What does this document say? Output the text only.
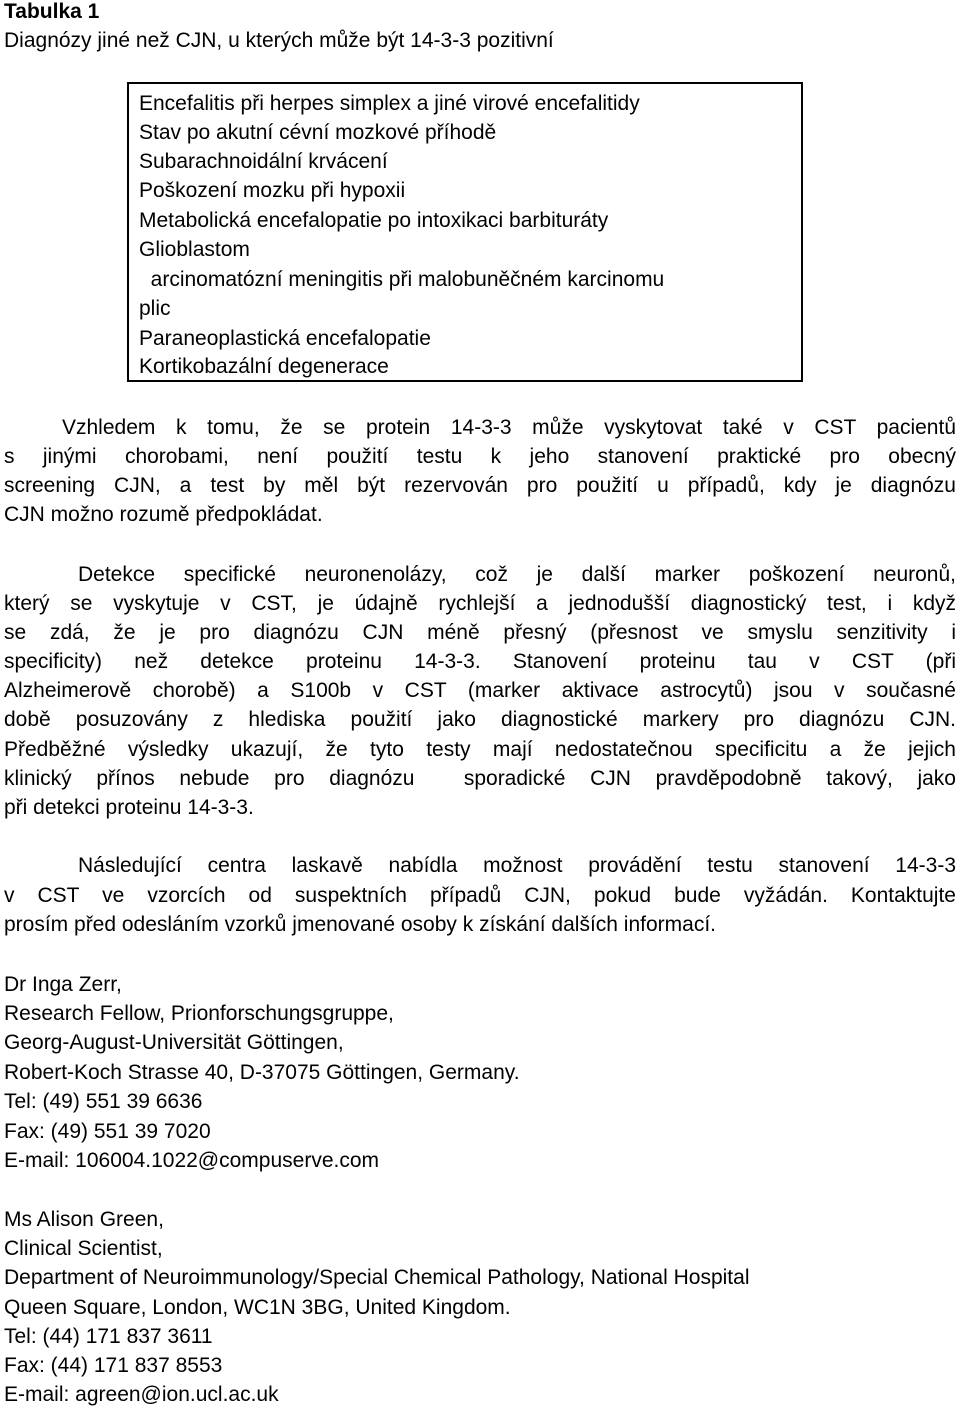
Tabulka 1
Diagnózy jiné než CJN, u kterých může být 14-3-3 pozitivní
Encefalitis při herpes simplex a jiné virové encefalitidy
Stav po akutní cévní mozkové příhodě
Subarachnoidální krvácení
Poškození mozku při hypoxii
Metabolická encefalopatie po intoxikaci barbituráty
Glioblastom
arcinomatózní meningitis při malobuněčném karcinomu
plic
Paraneoplastická encefalopatie
Kortikobazální degenerace
Vzhledem k tomu, že se protein 14-3-3 může vyskytovat také v CST pacientů
s jinými chorobami, není použití testu k jeho stanovení praktické pro obecný
screening CJN, a test by měl být rezervován pro použití u případů, kdy je diagnózu
CJN možno rozumě předpokládat.
Detekce specifické neuronenolázy, což je další marker poškození neuronů,
který se vyskytuje v CST, je údajně rychlejší a jednodušší diagnostický test, i když
se zdá, že je pro diagnózu CJN méně přesný (přesnost ve smyslu senzitivity i
specificity) než detekce proteinu 14-3-3. Stanovení proteinu tau v CST (při
Alzheimerově chorobě) a S100b v CST (marker aktivace astrocytů) jsou v současné
době posuzovány z hlediska použití jako diagnostické markery pro diagnózu CJN.
Předběžné výsledky ukazují, že tyto testy mají nedostatečnou specificitu a že jejich
klinický přínos nebude pro diagnózu  sporadické CJN pravděpodobně takový, jako
při detekci proteinu 14-3-3.
Následující centra laskavě nabídla možnost provádění testu stanovení 14-3-3
v CST ve vzorcích od suspektních případů CJN, pokud bude vyžádán. Kontaktujte
prosím před odesláním vzorků jmenované osoby k získání dalších informací.
Dr Inga Zerr,
Research Fellow, Prionforschungsgruppe,
Georg-August-Universität Göttingen,
Robert-Koch Strasse 40, D-37075 Göttingen, Germany.
Tel: (49) 551 39 6636
Fax: (49) 551 39 7020
E-mail: 106004.1022@compuserve.com
Ms Alison Green,
Clinical Scientist,
Department of Neuroimmunology/Special Chemical Pathology, National Hospital
Queen Square, London, WC1N 3BG, United Kingdom.
Tel: (44) 171 837 3611
Fax: (44) 171 837 8553
E-mail: agreen@ion.ucl.ac.uk
